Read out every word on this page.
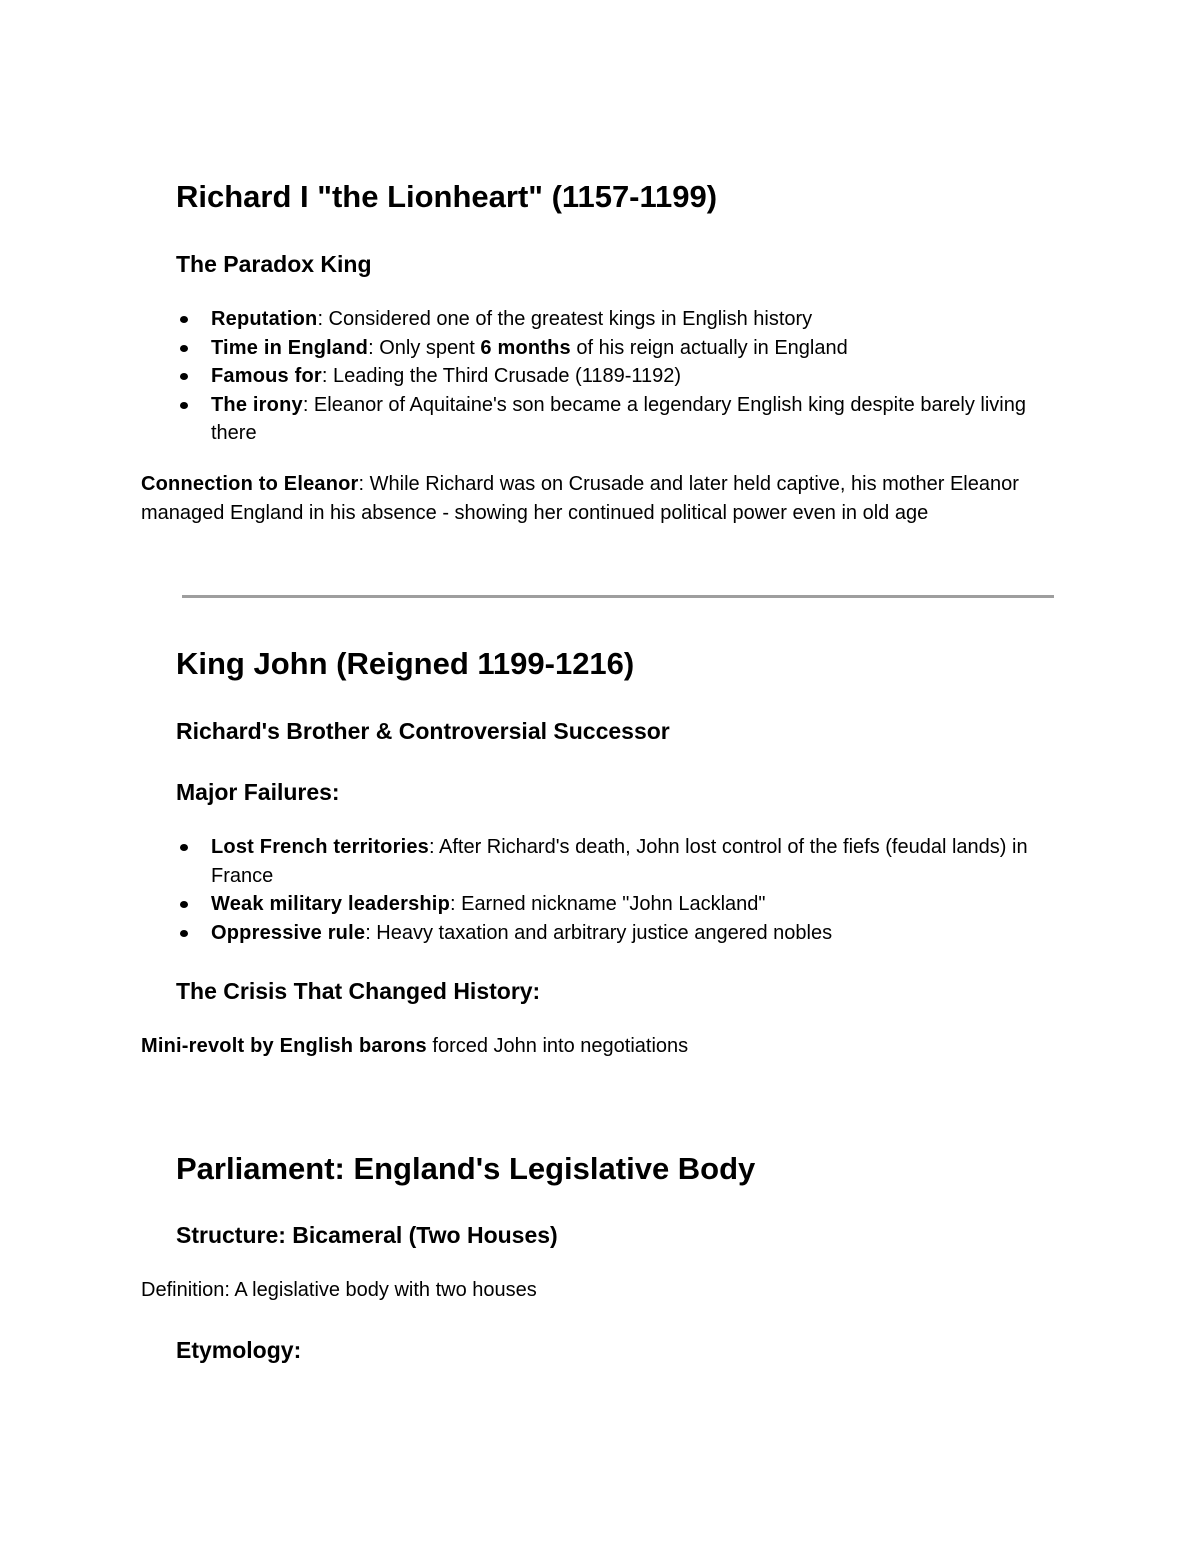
Richard I "the Lionheart" (1157-1199)
The Paradox King
Reputation: Considered one of the greatest kings in English history
Time in England: Only spent 6 months of his reign actually in England
Famous for: Leading the Third Crusade (1189-1192)
The irony: Eleanor of Aquitaine's son became a legendary English king despite barely living there

Connection to Eleanor: While Richard was on Crusade and later held captive, his mother Eleanor managed England in his absence - showing her continued political power even in old age

King John (Reigned 1199-1216)
Richard's Brother & Controversial Successor
Major Failures:
Lost French territories: After Richard's death, John lost control of the fiefs (feudal lands) in France
Weak military leadership: Earned nickname "John Lackland"
Oppressive rule: Heavy taxation and arbitrary justice angered nobles
The Crisis That Changed History:

Mini-revolt by English barons forced John into negotiations

Parliament: England's Legislative Body
Structure: Bicameral (Two Houses)

Definition: A legislative body with two houses

Etymology:
